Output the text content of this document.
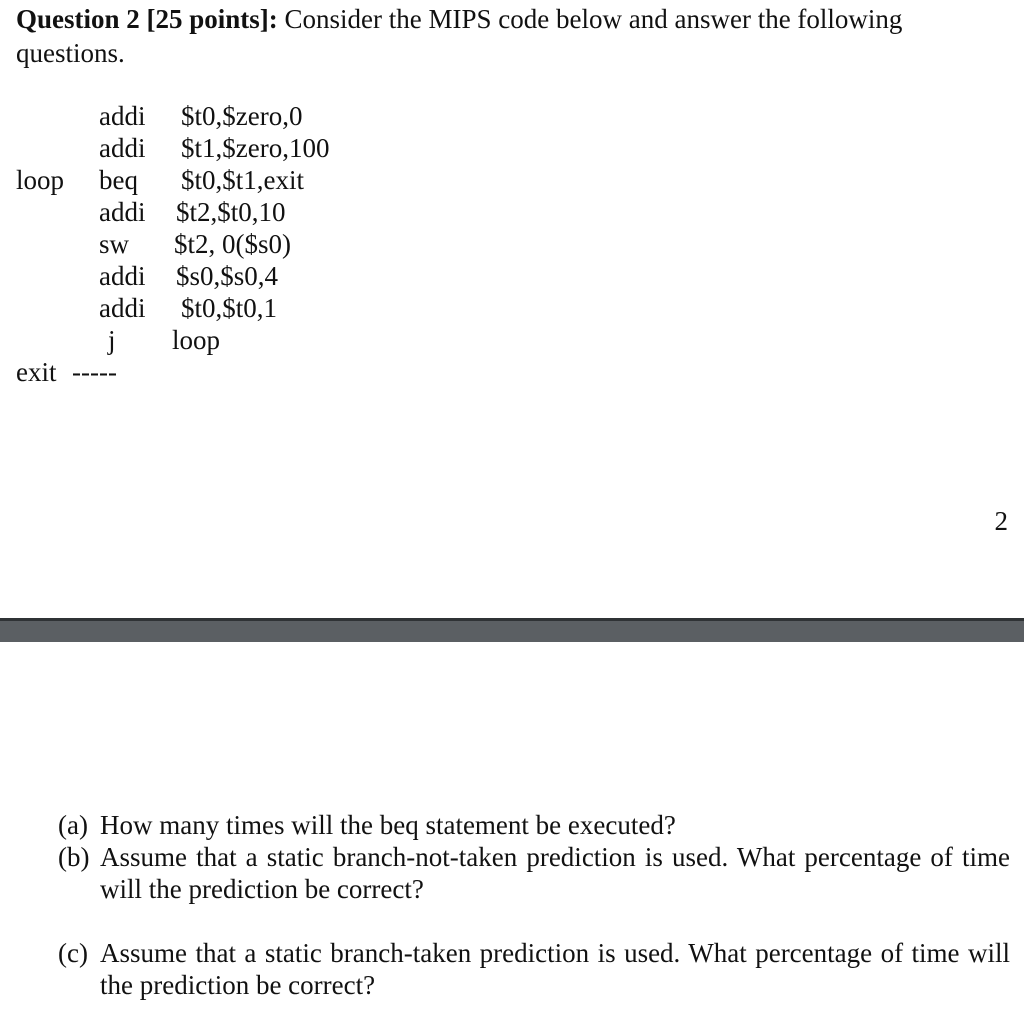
Question 2 [25 points]: Consider the MIPS code below and answer the following questions.
addi $t0,$zero,0
addi $t1,$zero,100
loop beq $t0,$t1,exit
addi $t2,$t0,10
sw $t2, 0($s0)
addi $s0,$s0,4
addi $t0,$t0,1
j loop
exit -----
2
(a) How many times will the beq statement be executed?
(b) Assume that a static branch-not-taken prediction is used. What percentage of time will the prediction be correct?
(c) Assume that a static branch-taken prediction is used. What percentage of time will the prediction be correct?
